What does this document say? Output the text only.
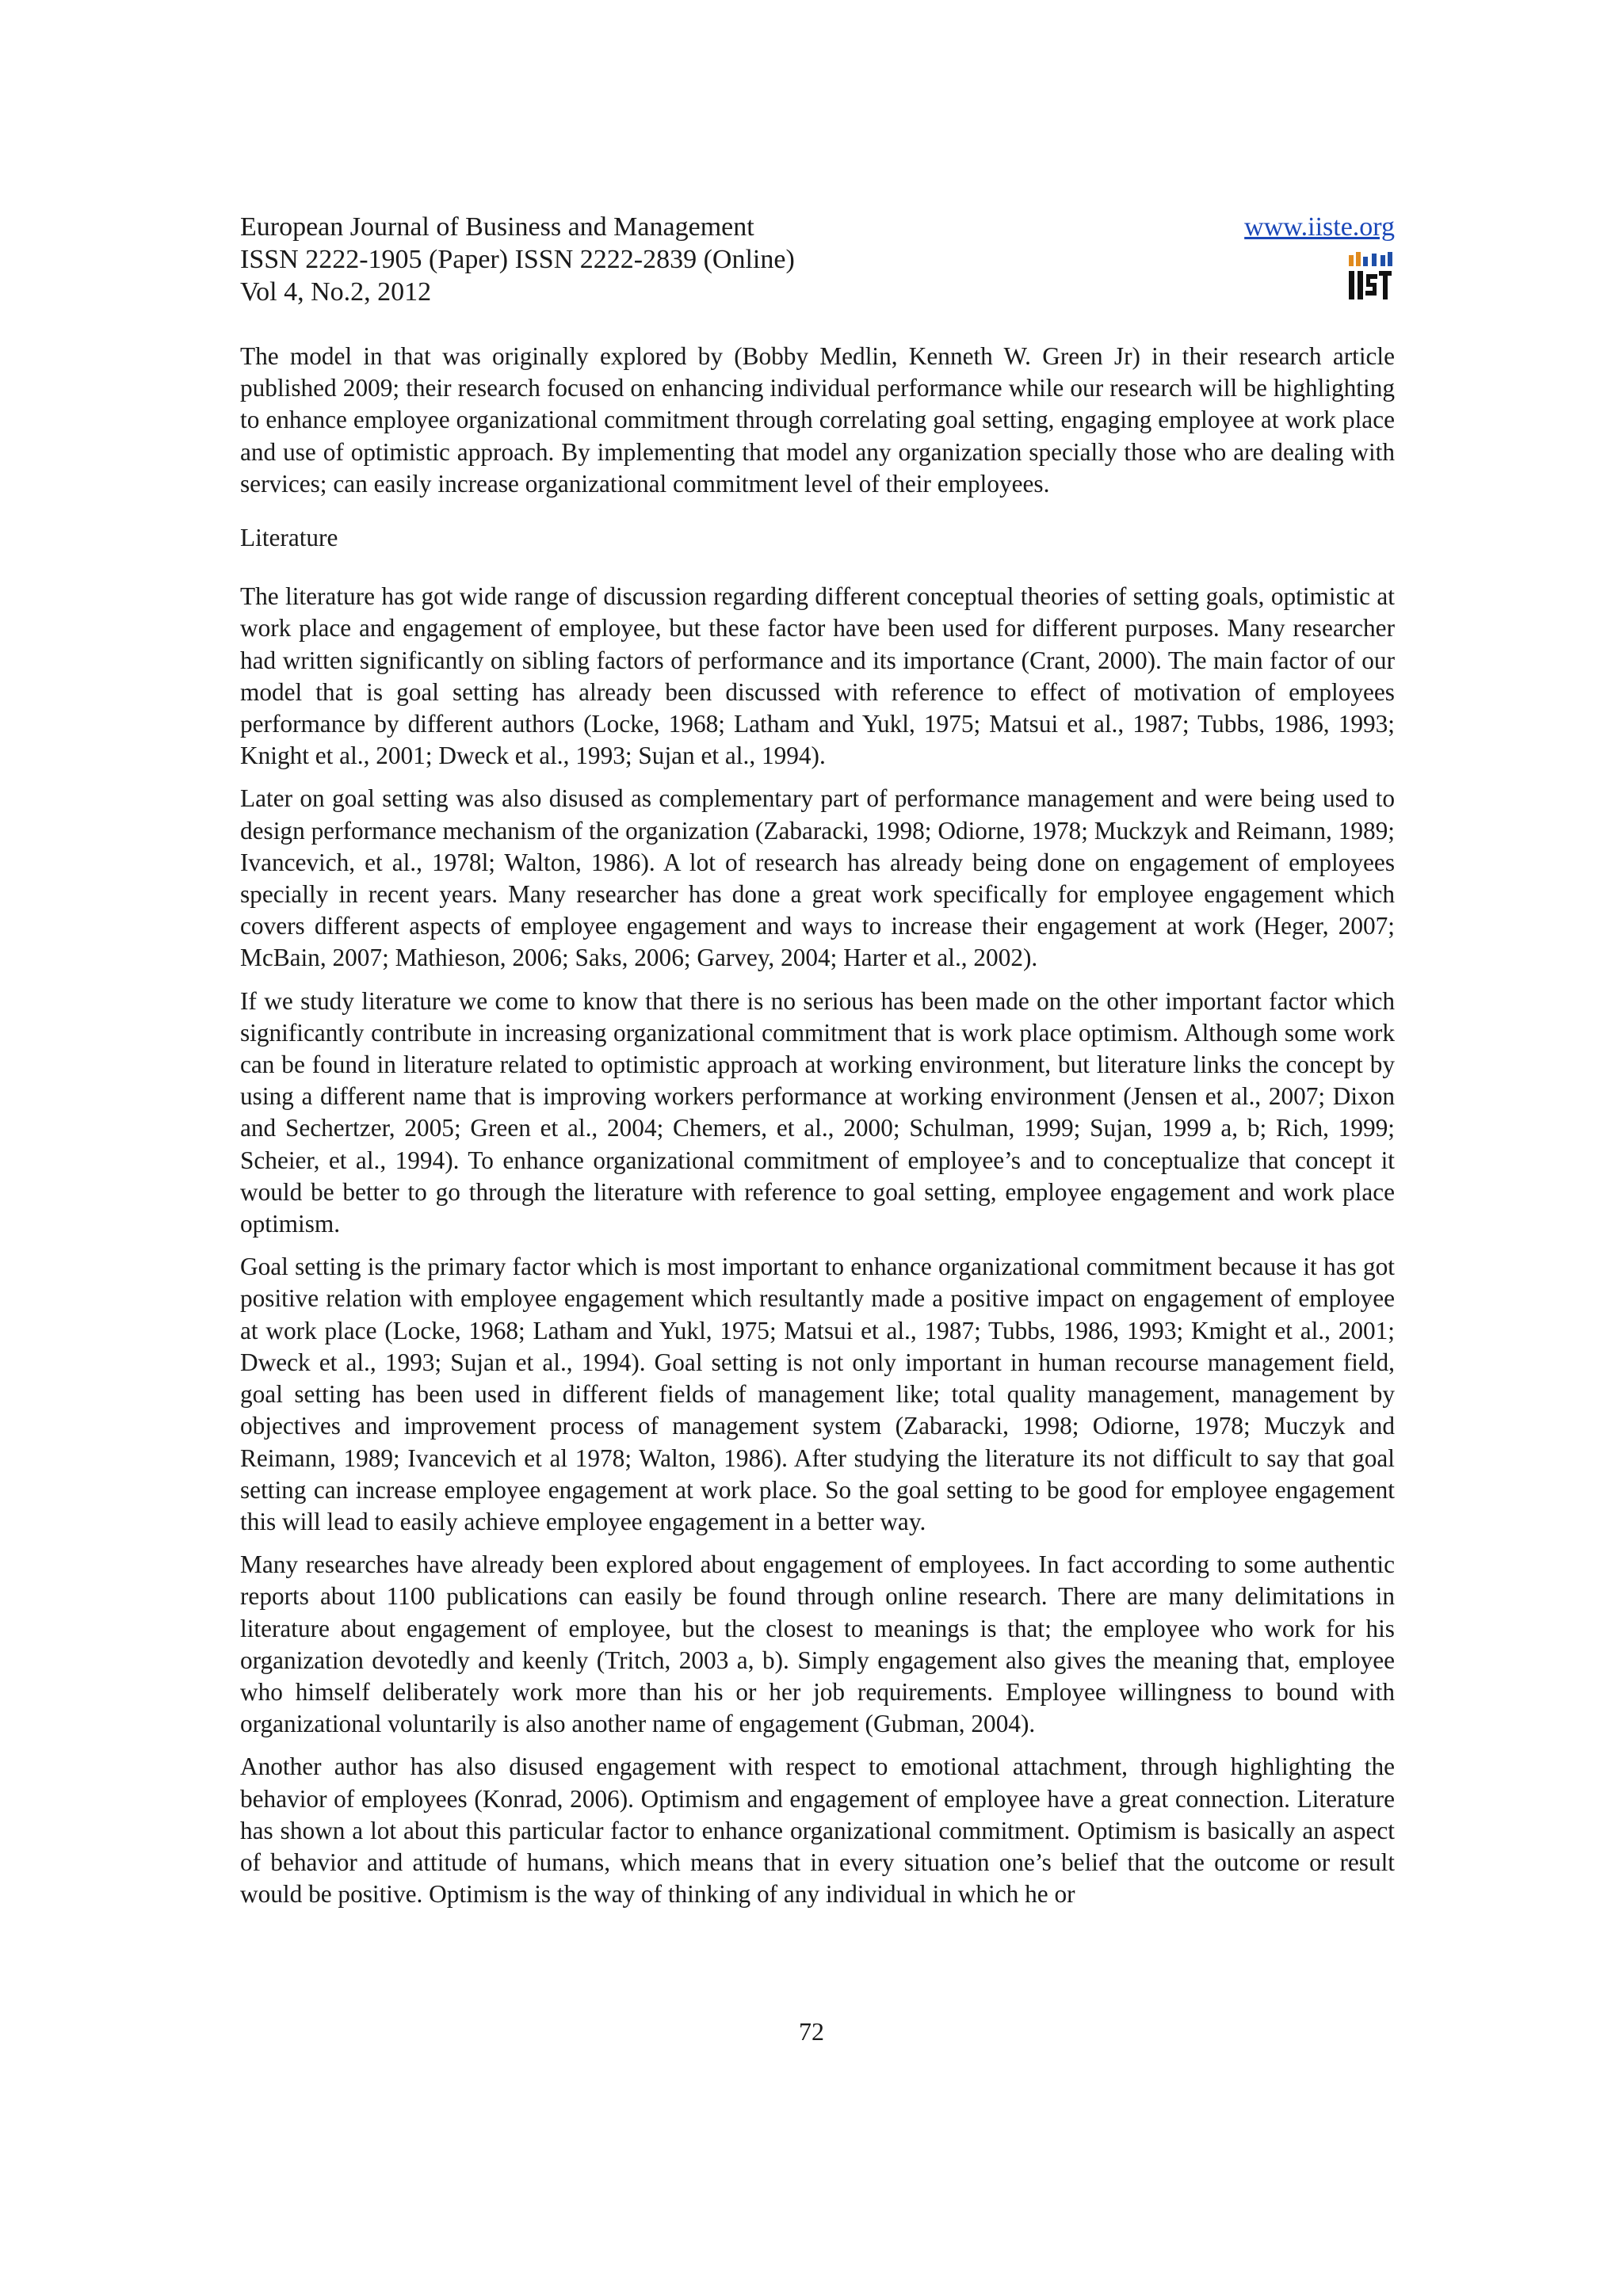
European Journal of Business and Management
ISSN 2222-1905 (Paper) ISSN 2222-2839 (Online)
Vol 4, No.2, 2012
www.iiste.org

The model in that was originally explored by (Bobby Medlin, Kenneth W. Green Jr) in their research article published 2009; their research focused on enhancing individual performance while our research will be highlighting to enhance employee organizational commitment through correlating goal setting, engaging employee at work place and use of optimistic approach. By implementing that model any organization specially those who are dealing with services; can easily increase organizational commitment level of their employees.

Literature

The literature has got wide range of discussion regarding different conceptual theories of setting goals, optimistic at work place and engagement of employee, but these factor have been used for different purposes. Many researcher had written significantly on sibling factors of performance and its importance (Crant, 2000). The main factor of our model that is goal setting has already been discussed with reference to effect of motivation of employees performance by different authors (Locke, 1968; Latham and Yukl, 1975; Matsui et al., 1987; Tubbs, 1986, 1993; Knight et al., 2001; Dweck et al., 1993; Sujan et al., 1994).

Later on goal setting was also disused as complementary part of performance management and were being used to design performance mechanism of the organization (Zabaracki, 1998; Odiorne, 1978; Muckzyk and Reimann, 1989; Ivancevich, et al., 1978l; Walton, 1986). A lot of research has already being done on engagement of employees specially in recent years. Many researcher has done a great work specifically for employee engagement which covers different aspects of employee engagement and ways to increase their engagement at work (Heger, 2007; McBain, 2007; Mathieson, 2006; Saks, 2006; Garvey, 2004; Harter et al., 2002).

If we study literature we come to know that there is no serious has been made on the other important factor which significantly contribute in increasing organizational commitment that is work place optimism. Although some work can be found in literature related to optimistic approach at working environment, but literature links the concept by using a different name that is improving workers performance at working environment (Jensen et al., 2007; Dixon and Sechertzer, 2005; Green et al., 2004; Chemers, et al., 2000; Schulman, 1999; Sujan, 1999 a, b; Rich, 1999; Scheier, et al., 1994). To enhance organizational commitment of employee’s and to conceptualize that concept it would be better to go through the literature with reference to goal setting, employee engagement and work place optimism.

Goal setting is the primary factor which is most important to enhance organizational commitment because it has got positive relation with employee engagement which resultantly made a positive impact on engagement of employee at work place (Locke, 1968; Latham and Yukl, 1975; Matsui et al., 1987; Tubbs, 1986, 1993; Kmight et al., 2001; Dweck et al., 1993; Sujan et al., 1994). Goal setting is not only important in human recourse management field, goal setting has been used in different fields of management like; total quality management, management by objectives and improvement process of management system (Zabaracki, 1998; Odiorne, 1978; Muczyk and Reimann, 1989; Ivancevich et al 1978; Walton, 1986). After studying the literature its not difficult to say that goal setting can increase employee engagement at work place. So the goal setting to be good for employee engagement this will lead to easily achieve employee engagement in a better way.

Many researches have already been explored about engagement of employees. In fact according to some authentic reports about 1100 publications can easily be found through online research. There are many delimitations in literature about engagement of employee, but the closest to meanings is that; the employee who work for his organization devotedly and keenly (Tritch, 2003 a, b). Simply engagement also gives the meaning that, employee who himself deliberately work more than his or her job requirements. Employee willingness to bound with organizational voluntarily is also another name of engagement (Gubman, 2004).

Another author has also disused engagement with respect to emotional attachment, through highlighting the behavior of employees (Konrad, 2006). Optimism and engagement of employee have a great connection. Literature has shown a lot about this particular factor to enhance organizational commitment. Optimism is basically an aspect of behavior and attitude of humans, which means that in every situation one’s belief that the outcome or result would be positive. Optimism is the way of thinking of any individual in which he or

72
